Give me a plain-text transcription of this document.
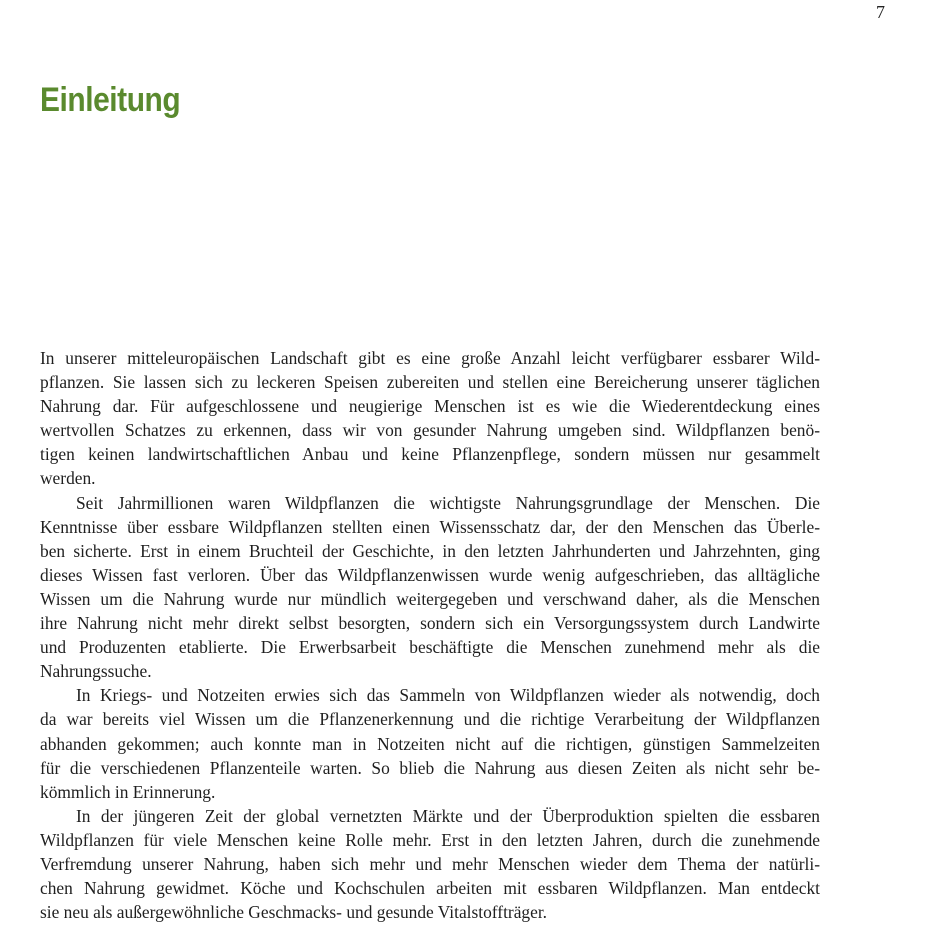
7
Einleitung
In unserer mitteleuropäischen Landschaft gibt es eine große Anzahl leicht verfügbarer essbarer Wild-
pflanzen. Sie lassen sich zu leckeren Speisen zubereiten und stellen eine Bereicherung unserer täglichen
Nahrung dar. Für aufgeschlossene und neugierige Menschen ist es wie die Wiederentdeckung eines
wertvollen Schatzes zu erkennen, dass wir von gesunder Nahrung umgeben sind. Wildpflanzen benö-
tigen keinen landwirtschaftlichen Anbau und keine Pflanzenpflege, sondern müssen nur gesammelt
werden.
Seit Jahrmillionen waren Wildpflanzen die wichtigste Nahrungsgrundlage der Menschen. Die
Kenntnisse über essbare Wildpflanzen stellten einen Wissensschatz dar, der den Menschen das Überle-
ben sicherte. Erst in einem Bruchteil der Geschichte, in den letzten Jahrhunderten und Jahrzehnten, ging
dieses Wissen fast verloren. Über das Wildpflanzenwissen wurde wenig aufgeschrieben, das alltägliche
Wissen um die Nahrung wurde nur mündlich weitergegeben und verschwand daher, als die Menschen
ihre Nahrung nicht mehr direkt selbst besorgten, sondern sich ein Versorgungssystem durch Landwirte
und Produzenten etablierte. Die Erwerbsarbeit beschäftigte die Menschen zunehmend mehr als die
Nahrungssuche.
In Kriegs- und Notzeiten erwies sich das Sammeln von Wildpflanzen wieder als notwendig, doch
da war bereits viel Wissen um die Pflanzenerkennung und die richtige Verarbeitung der Wildpflanzen
abhanden gekommen; auch konnte man in Notzeiten nicht auf die richtigen, günstigen Sammelzeiten
für die verschiedenen Pflanzenteile warten. So blieb die Nahrung aus diesen Zeiten als nicht sehr be-
kömmlich in Erinnerung.
In der jüngeren Zeit der global vernetzten Märkte und der Überproduktion spielten die essbaren
Wildpflanzen für viele Menschen keine Rolle mehr. Erst in den letzten Jahren, durch die zunehmende
Verfremdung unserer Nahrung, haben sich mehr und mehr Menschen wieder dem Thema der natürli-
chen Nahrung gewidmet. Köche und Kochschulen arbeiten mit essbaren Wildpflanzen. Man entdeckt
sie neu als außergewöhnliche Geschmacks- und gesunde Vitalstoffträger.
